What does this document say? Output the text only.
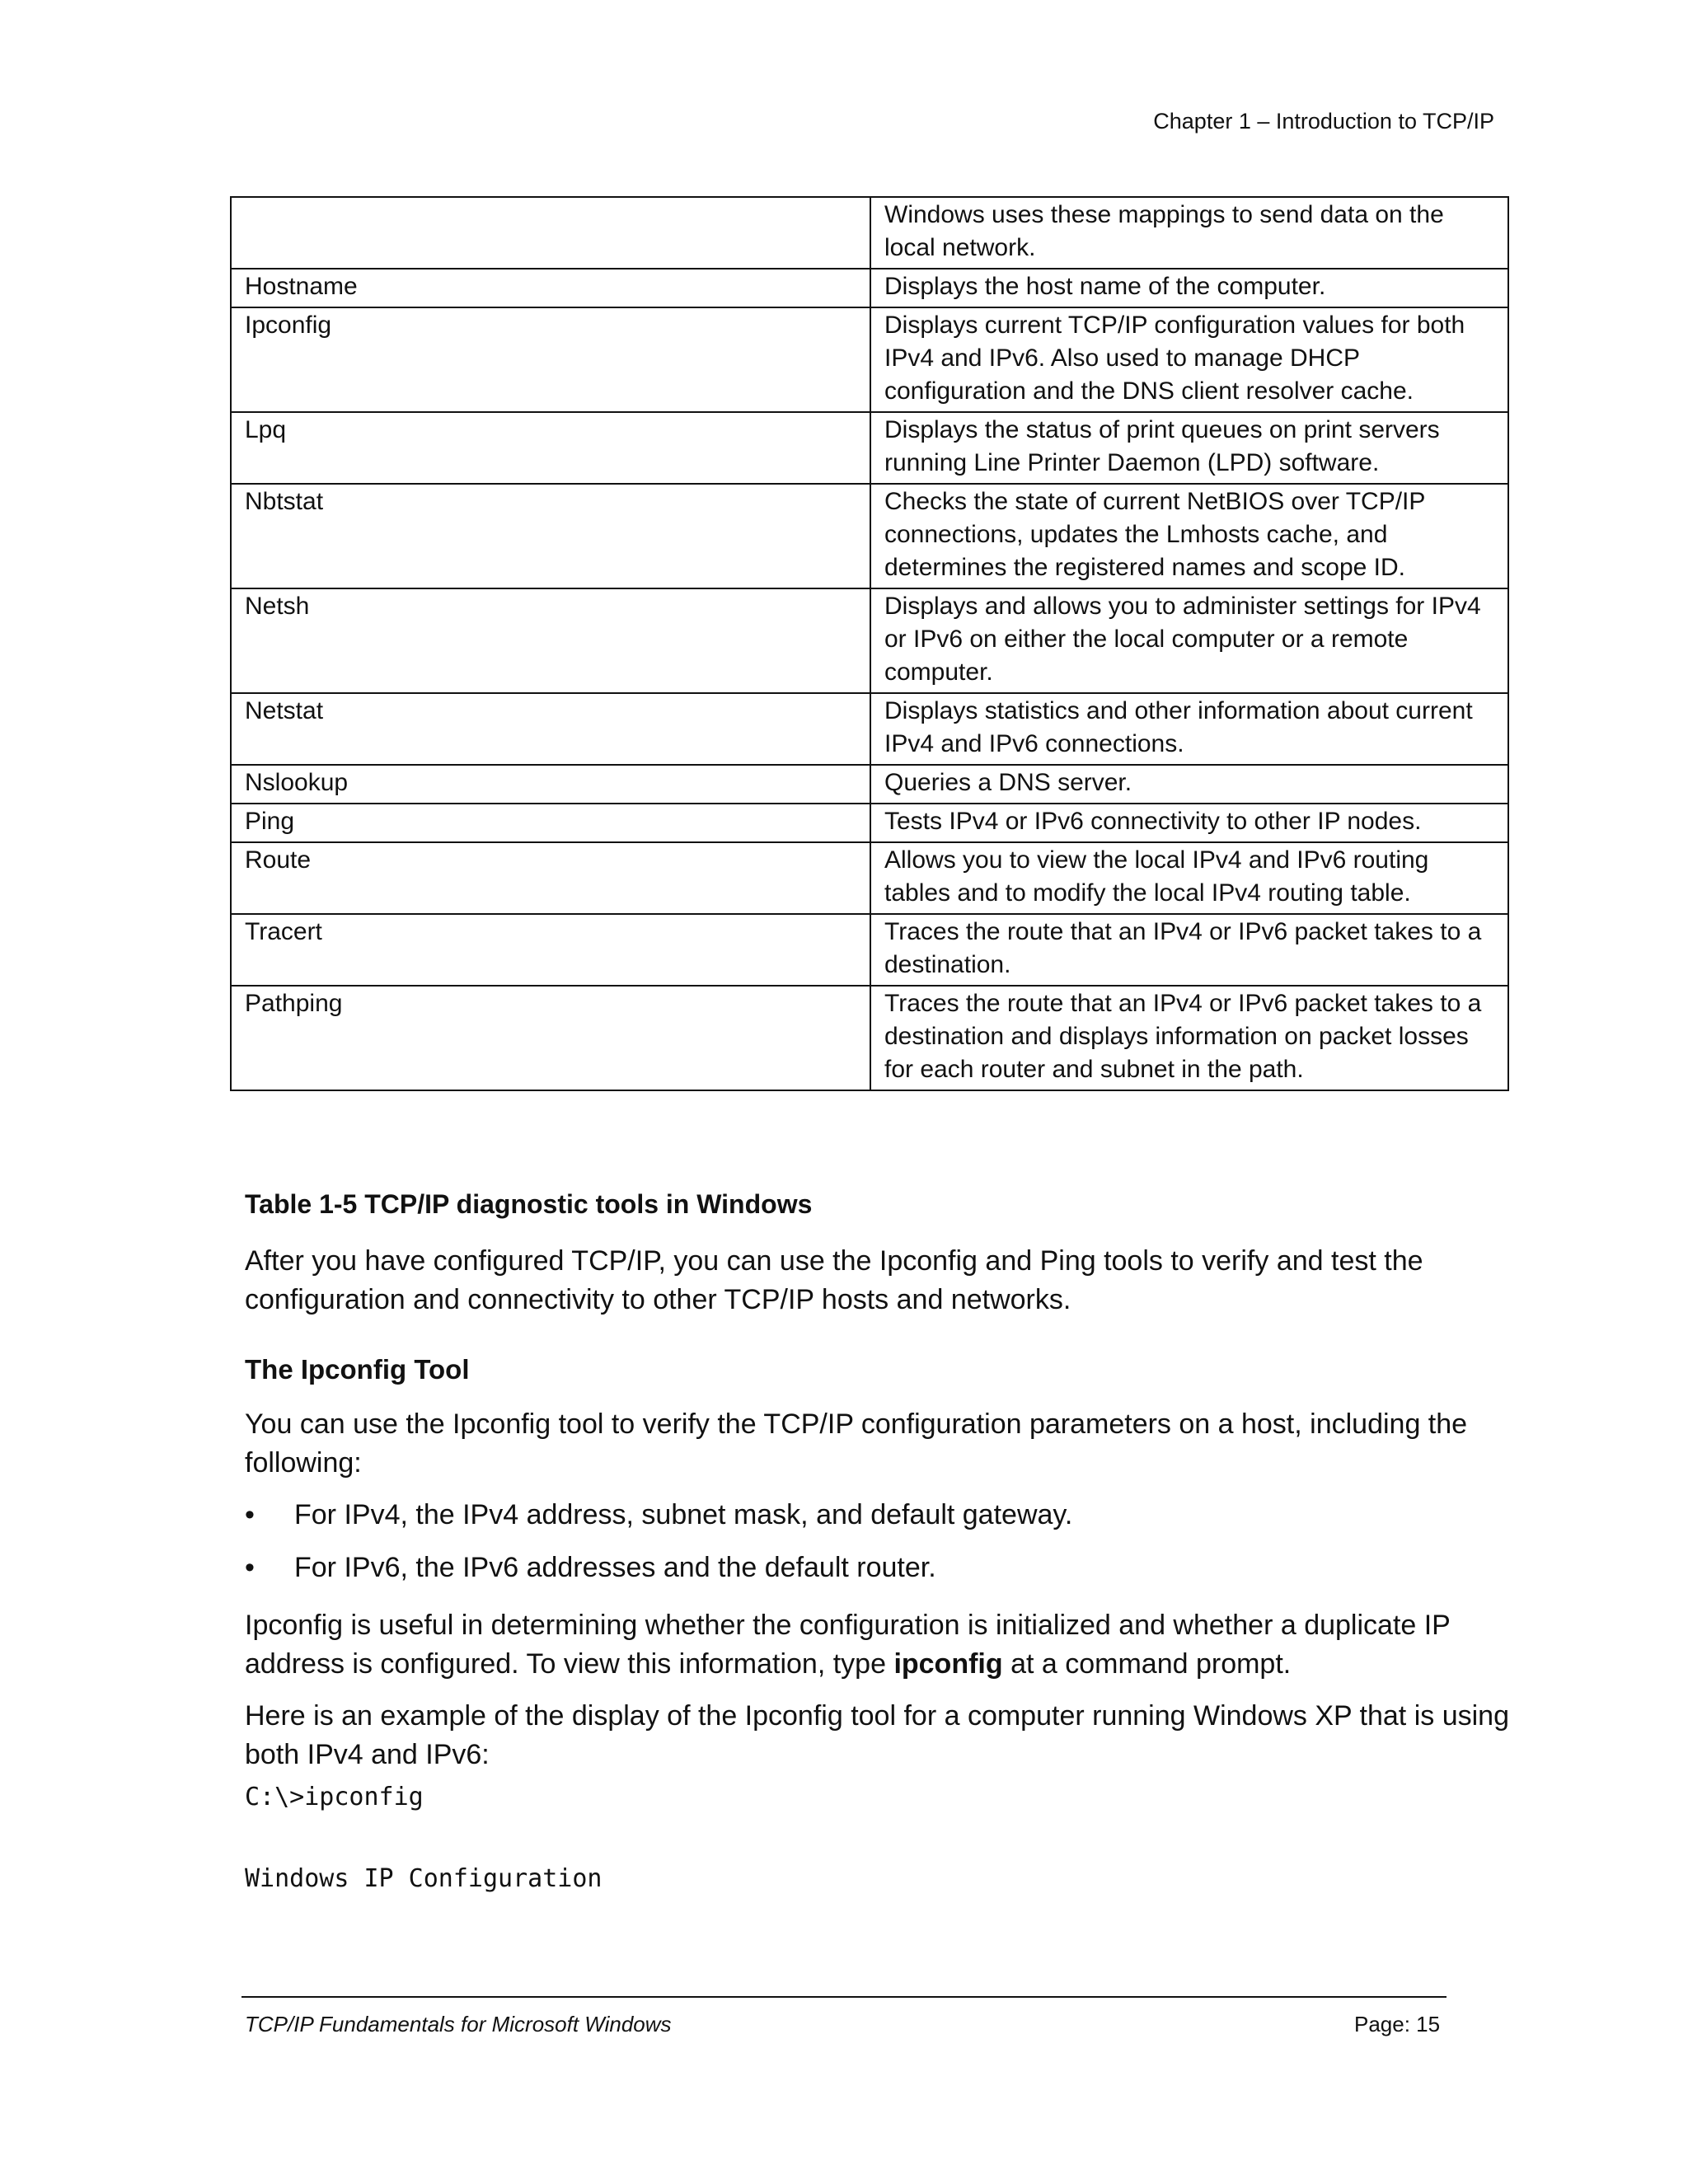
Chapter 1 – Introduction to TCP/IP
	Windows uses these mappings to send data on the local network.
Hostname	Displays the host name of the computer.
Ipconfig	Displays current TCP/IP configuration values for both IPv4 and IPv6. Also used to manage DHCP configuration and the DNS client resolver cache.
Lpq	Displays the status of print queues on print servers running Line Printer Daemon (LPD) software.
Nbtstat	Checks the state of current NetBIOS over TCP/IP connections, updates the Lmhosts cache, and determines the registered names and scope ID.
Netsh	Displays and allows you to administer settings for IPv4 or IPv6 on either the local computer or a remote computer.
Netstat	Displays statistics and other information about current IPv4 and IPv6 connections.
Nslookup	Queries a DNS server.
Ping	Tests IPv4 or IPv6 connectivity to other IP nodes.
Route	Allows you to view the local IPv4 and IPv6 routing tables and to modify the local IPv4 routing table.
Tracert	Traces the route that an IPv4 or IPv6 packet takes to a destination.
Pathping	Traces the route that an IPv4 or IPv6 packet takes to a destination and displays information on packet losses for each router and subnet in the path.
Table 1-5 TCP/IP diagnostic tools in Windows

After you have configured TCP/IP, you can use the Ipconfig and Ping tools to verify and test the configuration and connectivity to other TCP/IP hosts and networks.

The Ipconfig Tool

You can use the Ipconfig tool to verify the TCP/IP configuration parameters on a host, including the following:

• For IPv4, the IPv4 address, subnet mask, and default gateway.
• For IPv6, the IPv6 addresses and the default router.

Ipconfig is useful in determining whether the configuration is initialized and whether a duplicate IP address is configured. To view this information, type ipconfig at a command prompt.

Here is an example of the display of the Ipconfig tool for a computer running Windows XP that is using both IPv4 and IPv6:

C:\>ipconfig
Windows IP Configuration
TCP/IP Fundamentals for Microsoft Windows	Page: 15
